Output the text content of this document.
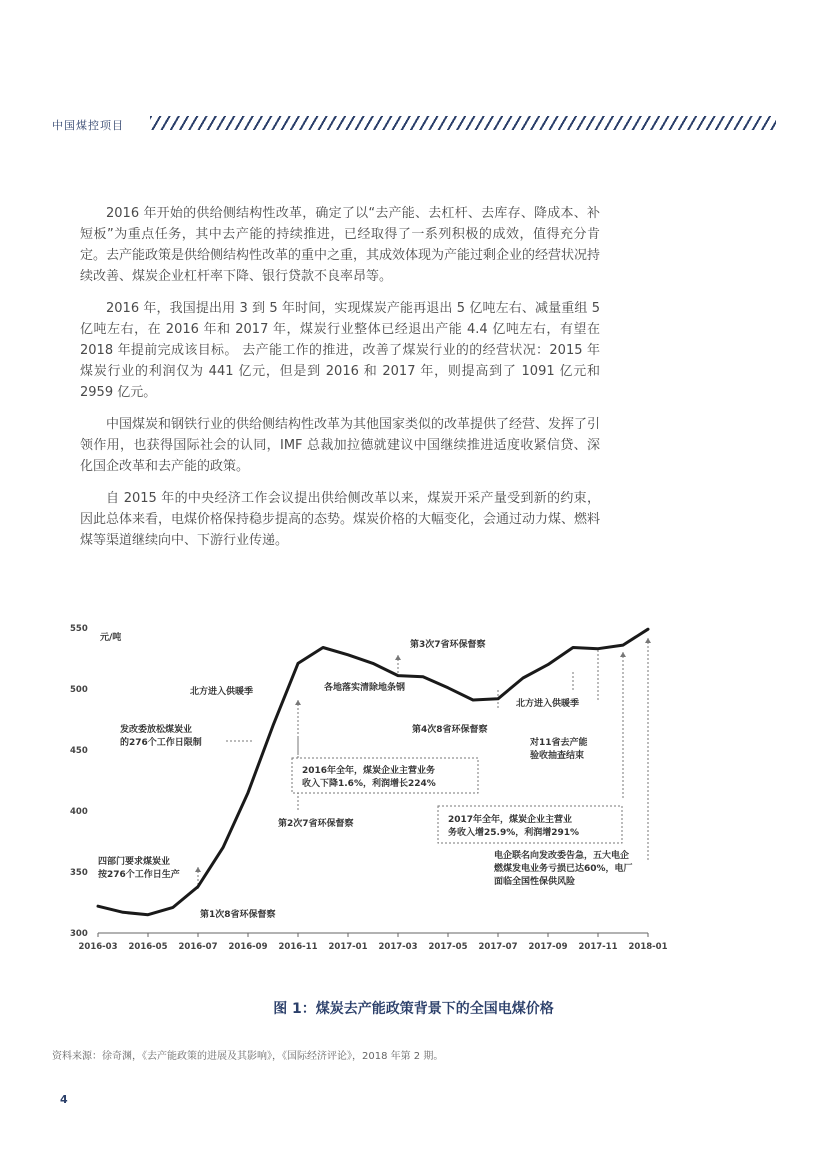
中国煤控项目

2016 年开始的供给侧结构性改革，确定了以“去产能、去杠杆、去库存、降成本、补短板”为重点任务，其中去产能的持续推进，已经取得了一系列积极的成效，值得充分肯定。去产能政策是供给侧结构性改革的重中之重，其成效体现为产能过剩企业的经营状况持续改善、煤炭企业杠杆率下降、银行贷款不良率昂等。

2016 年，我国提出用 3 到 5 年时间，实现煤炭产能再退出 5 亿吨左右、减量重组 5 亿吨左右，在 2016 年和 2017 年，煤炭行业整体已经退出产能 4.4 亿吨左右，有望在 2018 年提前完成该目标。 去产能工作的推进，改善了煤炭行业的的经营状况：2015 年煤炭行业的利润仅为 441 亿元，但是到 2016 和 2017 年，则提高到了 1091 亿元和 2959 亿元。

中国煤炭和钢铁行业的供给侧结构性改革为其他国家类似的改革提供了经营、发挥了引领作用，也获得国际社会的认同，IMF 总裁加拉德就建议中国继续推进适度收紧信贷、深化国企改革和去产能的政策。

自 2015 年的中央经济工作会议提出供给侧改革以来，煤炭开采产量受到新的约束，因此总体来看，电煤价格保持稳步提高的态势。煤炭价格的大幅变化，会通过动力煤、燃料煤等渠道继续向中、下游行业传递。

300
350
400
450
500
550
元/吨
2016-03 2016-05 2016-07 2016-09 2016-11 2017-01 2017-03 2017-05 2017-07 2017-09 2017-11 2018-01
四部门要求煤炭业
按276个工作日生产
第1次8省环保督察
发改委放松煤炭业
的276个工作日限制
北方进入供暖季
第2次7省环保督察
2016年全年，煤炭企业主营业务
收入下降1.6%，利润增长224%
各地落实清除地条钢
第3次7省环保督察
第4次8省环保督察
北方进入供暖季
对11省去产能
验收抽查结束
2017年全年，煤炭企业主营业
务收入增25.9%，利润增291%
电企联名向发改委告急，五大电企
燃煤发电业务亏损已达60%，电厂
面临全国性保供风险
图 1：煤炭去产能政策背景下的全国电煤价格
资料来源：徐奇渊，《去产能政策的进展及其影响》，《国际经济评论》，2018 年第 2 期。
4
